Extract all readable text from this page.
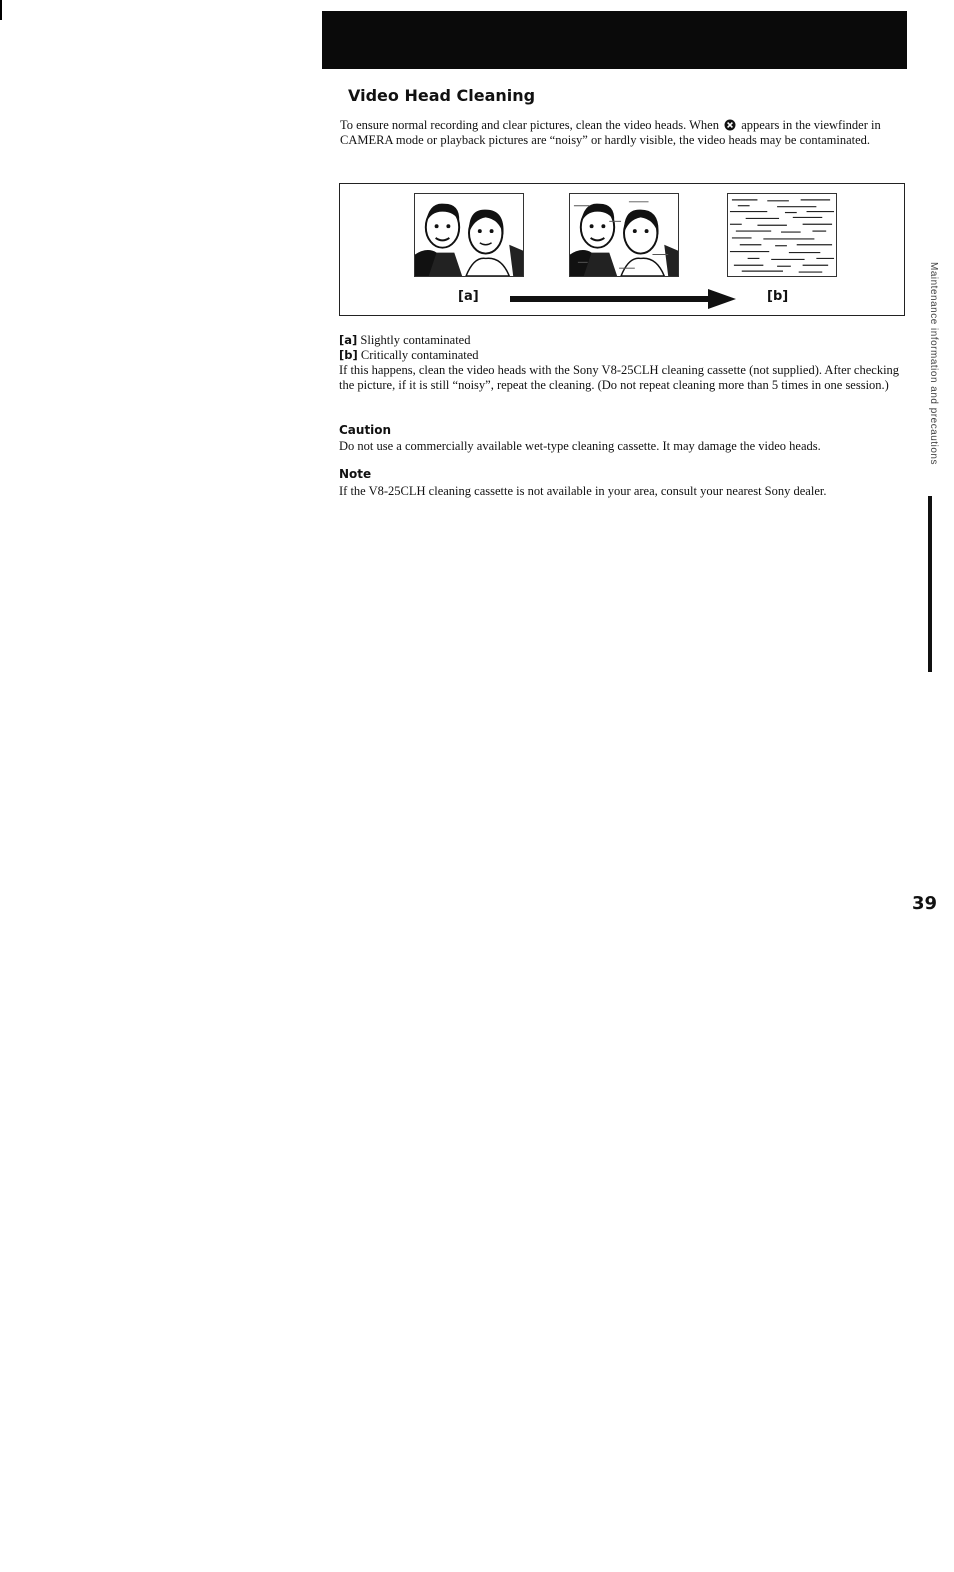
Video Head Cleaning

To ensure normal recording and clear pictures, clean the video heads. When appears in the viewfinder in CAMERA mode or playback pictures are “noisy” or hardly visible, the video heads may be contaminated.

[a]	[b]

[a] Slightly contaminated

[b] Critically contaminated

If this happens, clean the video heads with the Sony V8-25CLH cleaning cassette (not supplied). After checking the picture, if it is still “noisy”, repeat the cleaning. (Do not repeat cleaning more than 5 times in one session.)

Caution

Do not use a commercially available wet-type cleaning cassette. It may damage the video heads.

Note

If the V8-25CLH cleaning cassette is not available in your area, consult your nearest Sony dealer.

Maintenance information and precautions
39
